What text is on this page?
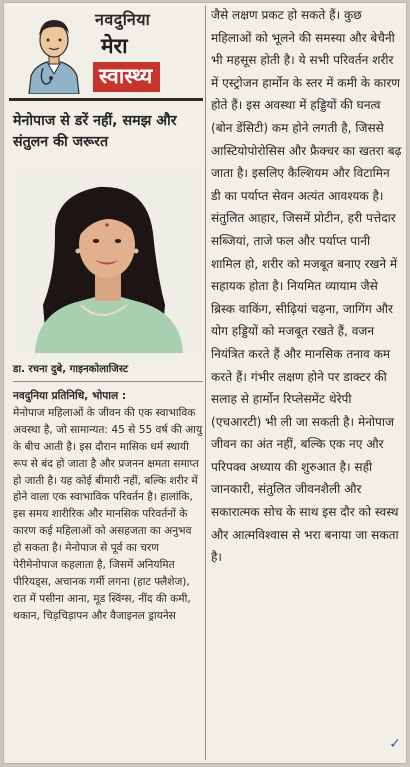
नवदुनिया
मेरा
स्वास्थ्य
मेनोपाज से डरें नहीं, समझ और संतुलन की जरूरत
डा. रचना दुबे, गाइनकोलाजिस्ट
नवदुनिया प्रतिनिधि, भोपाल :
मेनोपाज महिलाओं के जीवन की एक स्वाभाविक अवस्था है, जो सामान्यत: 45 से 55 वर्ष की आयु के बीच आती है। इस दौरान मासिक धर्म स्थायी रूप से बंद हो जाता है और प्रजनन क्षमता समाप्त हो जाती है। यह कोई बीमारी नहीं, बल्कि शरीर में होने वाला एक स्वाभाविक परिवर्तन है। हालांकि, इस समय शारीरिक और मानसिक परिवर्तनों के कारण कई महिलाओं को असहजता का अनुभव हो सकता है। मेनोपाज से पूर्व का चरण पेरीमेनोपाज कहलाता है, जिसमें अनियमित पीरियड्स, अचानक गर्मी लगना (हाट फ्लैशेज), रात में पसीना आना, मूड स्विंग्स, नींद की कमी, थकान, चिड़चिड़ापन और वैजाइनल ड्रायनेस
जैसे लक्षण प्रकट हो सकते हैं। कुछ महिलाओं को भूलने की समस्या और बेचैनी भी महसूस होती है। ये सभी परिवर्तन शरीर में एस्ट्रोजन हार्मोन के स्तर में कमी के कारण होते हैं। इस अवस्था में हड्डियों की घनत्व (बोन डेंसिटी) कम होने लगती है, जिससे आस्टियोपोरोसिस और फ्रैक्चर का खतरा बढ़ जाता है। इसलिए कैल्शियम और विटामिन डी का पर्याप्त सेवन अत्यंत आवश्यक है। संतुलित आहार, जिसमें प्रोटीन, हरी पत्तेदार सब्जियां, ताजे फल और पर्याप्त पानी शामिल हो, शरीर को मजबूत बनाए रखने में सहायक होता है। नियमित व्यायाम जैसे ब्रिस्क वाकिंग, सीढ़ियां चढ़ना, जागिंग और योग हड्डियों को मजबूत रखते हैं, वजन नियंत्रित करते हैं और मानसिक तनाव कम करते हैं। गंभीर लक्षण होने पर डाक्टर की सलाह से हार्मोन रिप्लेसमेंट थेरेपी (एचआरटी) भी ली जा सकती है। मेनोपाज जीवन का अंत नहीं, बल्कि एक नए और परिपक्व अध्याय की शुरुआत है। सही जानकारी, संतुलित जीवनशैली और सकारात्मक सोच के साथ इस दौर को स्वस्थ और आत्मविश्वास से भरा बनाया जा सकता है।
✓
